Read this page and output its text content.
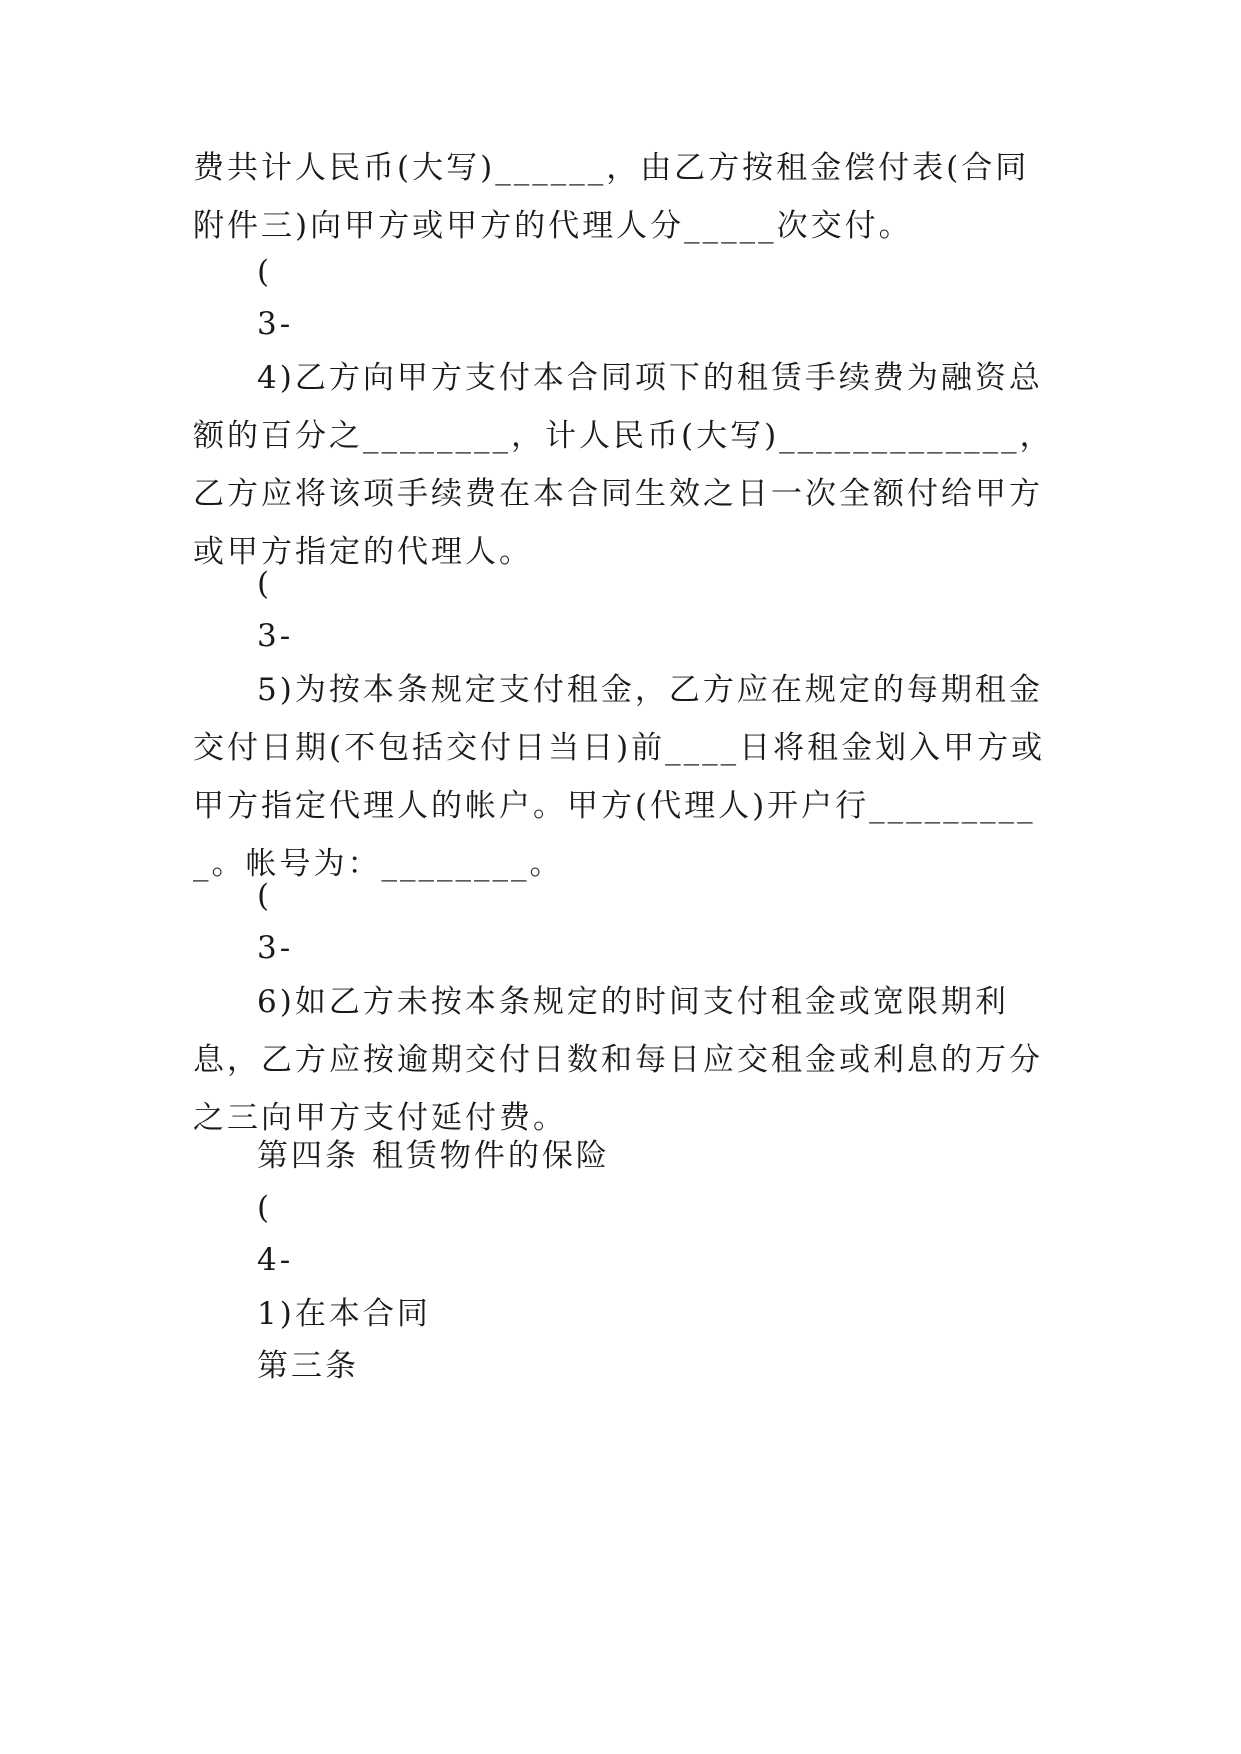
费共计人民币(大写)______，由乙方按租金偿付表(合同附件三)向甲方或甲方的代理人分_____次交付。

(

3-

4)乙方向甲方支付本合同项下的租赁手续费为融资总额的百分之________，计人民币(大写)_____________，乙方应将该项手续费在本合同生效之日一次全额付给甲方或甲方指定的代理人。

(

3-

5)为按本条规定支付租金，乙方应在规定的每期租金交付日期(不包括交付日当日)前____日将租金划入甲方或甲方指定代理人的帐户。甲方(代理人)开户行__________。帐号为：________。

(

3-

6)如乙方未按本条规定的时间支付租金或宽限期利息，乙方应按逾期交付日数和每日应交租金或利息的万分之三向甲方支付延付费。

第四条 租赁物件的保险

(

4-

1)在本合同

第三条
